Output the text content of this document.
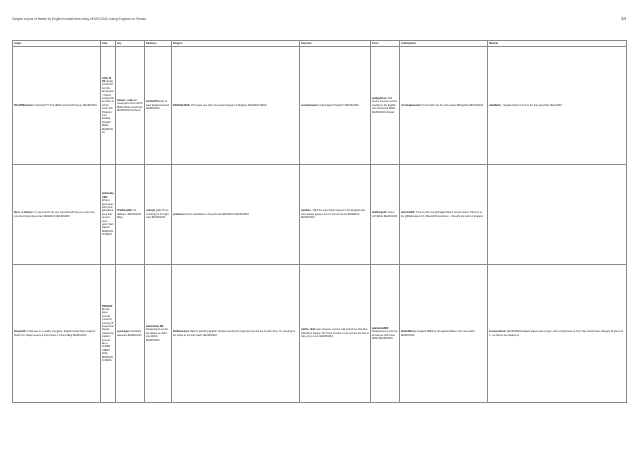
Sample corpus of tweets by English football fans using #EURO2016 during England vs. Russia	34
Anger	Fear	Joy	Sadness	Disgust	Surprise	Trust	Anticipation	Neutral
RhedTMHimmsro: Seriously??? Only #ENG would stuff that up. #EURO2016	GOD_DI RE_England will still win this Europeans. Champ ionship will be theirs or will be much with Hodgson. Just thinking forward! #ENG #EURO2016	Gabaer_Lodin es: Great game #eno vRUS #ENG What a Goal well #EURO2016 Kerbeeh	JackGolPho no: At least England scored! #EURO2016	EDGEGhoKEE: 25 crosses one shot, the woeful manager of England. #ENGRUS #ENG	suomimbyakor: Ugh England? Really?? #EURO2016	godlgoldrom: Still seems to be fun at here heading to the English. Can Improving! #ENG #EURO2016 Abroad	christoplaenou21: C'mon lads! Get the wins mates #WingsHus #EURO2016	JakeBaltic_: England lucky to at from the time good ball. #Euro2016
Nocu_m htimere: I'm nervous for this one. Eng land will lose one more time, you should just play a draw. #ENGRUS #EURO2016	lanhanabyARE: What a great team effort from @England keep that up and we're good. Well played! #EURO2016 #ENG	ThatDuoeBal: So deflated.. #EURO2016 #Eng	coheigh_jom: Three 'd lucking for for night now! #EURO2016	jonHeeees: Roy's substitution is beyond belief #ENGRUS #EURO2016	AamDee_: With the many Spurs players in the England side, were always going to do it in the last minute #ENGRUS #EURO2016	bedBunge10: Come on!! #ENG #EURO2016	dunnis1982: Turns out the new @Image2 Was 2 correct scores. Told you so the @Bookmakers FC. #Euro2016 prediction - I thought she had 2-1 England	
Dompetith: If that was on a quality ring game, England would have scraped! Sucks 0-0. Always seems a prize before it comes #Eng #EURO2016	BSKID30: But fan, given security concerns, coming off those local Russia outside the stadium screens like a SUPER GREAT 2016, #EURO2016 #ENG	eyeshaguo: Football's awesome #EURO2016	adamiolttee BE: Disappointed a point but atleast we didn't lose #ENG #EURO2016	ShiReeenamo: Back to watching English. Russian and French hogs bout the shit out of each other. I'm cheering for the police to win that match. #EURO2016	sabthe_dinb: Can someone remove mail and tell me that after Saturday's happen Tier? Feel to police a pep up from the fans to help you're a ref. #EURO2016	adamiotlte898: Disappointed a point but at least we didn't lose #ENG #EURO2016	billandMoore: England NEED to win against Wales in the next match #EURO2016	losomeshands: #EURO2016 England played well enough - lack of sharpness up front. Roy should have changed 15 game for 2 - so that he are headed up
